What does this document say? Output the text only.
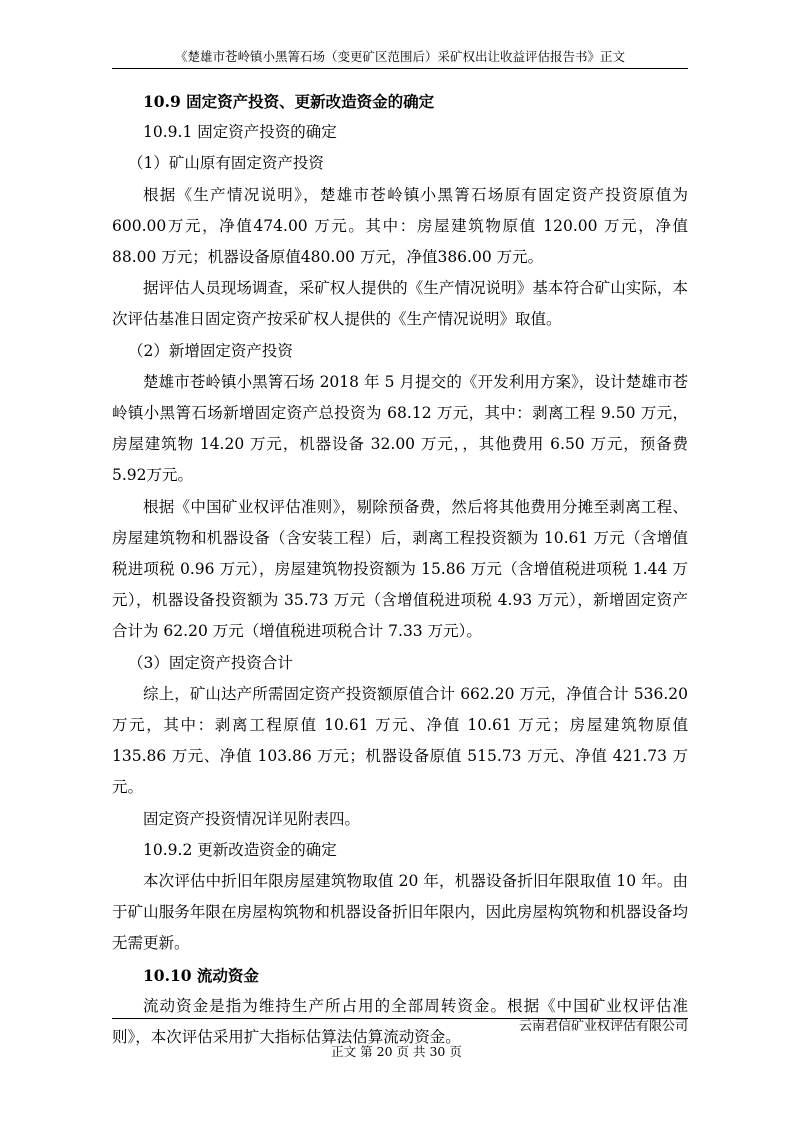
《楚雄市苍岭镇小黑箐石场（变更矿区范围后）采矿权出让收益评估报告书》正文

10.9 固定资产投资、更新改造资金的确定

10.9.1 固定资产投资的确定

（1）矿山原有固定资产投资

根据《生产情况说明》，楚雄市苍岭镇小黑箐石场原有固定资产投资原值为600.00万元，净值474.00 万元。其中：房屋建筑物原值 120.00 万元，净值 88.00 万元；机器设备原值480.00 万元，净值386.00 万元。

据评估人员现场调查，采矿权人提供的《生产情况说明》基本符合矿山实际，本次评估基准日固定资产按采矿权人提供的《生产情况说明》取值。

（2）新增固定资产投资

楚雄市苍岭镇小黑箐石场 2018 年 5 月提交的《开发利用方案》，设计楚雄市苍岭镇小黑箐石场新增固定资产总投资为 68.12 万元，其中：剥离工程 9.50 万元，房屋建筑物 14.20 万元，机器设备 32.00 万元，，其他费用 6.50 万元，预备费 5.92万元。

根据《中国矿业权评估准则》，剔除预备费，然后将其他费用分摊至剥离工程、房屋建筑物和机器设备（含安装工程）后，剥离工程投资额为 10.61 万元（含增值税进项税 0.96 万元），房屋建筑物投资额为 15.86 万元（含增值税进项税 1.44 万元），机器设备投资额为 35.73 万元（含增值税进项税 4.93 万元），新增固定资产合计为 62.20 万元（增值税进项税合计 7.33 万元）。

（3）固定资产投资合计

综上，矿山达产所需固定资产投资额原值合计 662.20 万元，净值合计 536.20万元，其中：剥离工程原值 10.61 万元、净值 10.61 万元；房屋建筑物原值 135.86 万元、净值 103.86 万元；机器设备原值 515.73 万元、净值 421.73 万元。

固定资产投资情况详见附表四。

10.9.2 更新改造资金的确定

本次评估中折旧年限房屋建筑物取值 20 年，机器设备折旧年限取值 10 年。由于矿山服务年限在房屋构筑物和机器设备折旧年限内，因此房屋构筑物和机器设备均无需更新。

10.10 流动资金

流动资金是指为维持生产所占用的全部周转资金。根据《中国矿业权评估准则》，本次评估采用扩大指标估算法估算流动资金。

云南君信矿业权评估有限公司
正文 第 20 页 共 30 页
